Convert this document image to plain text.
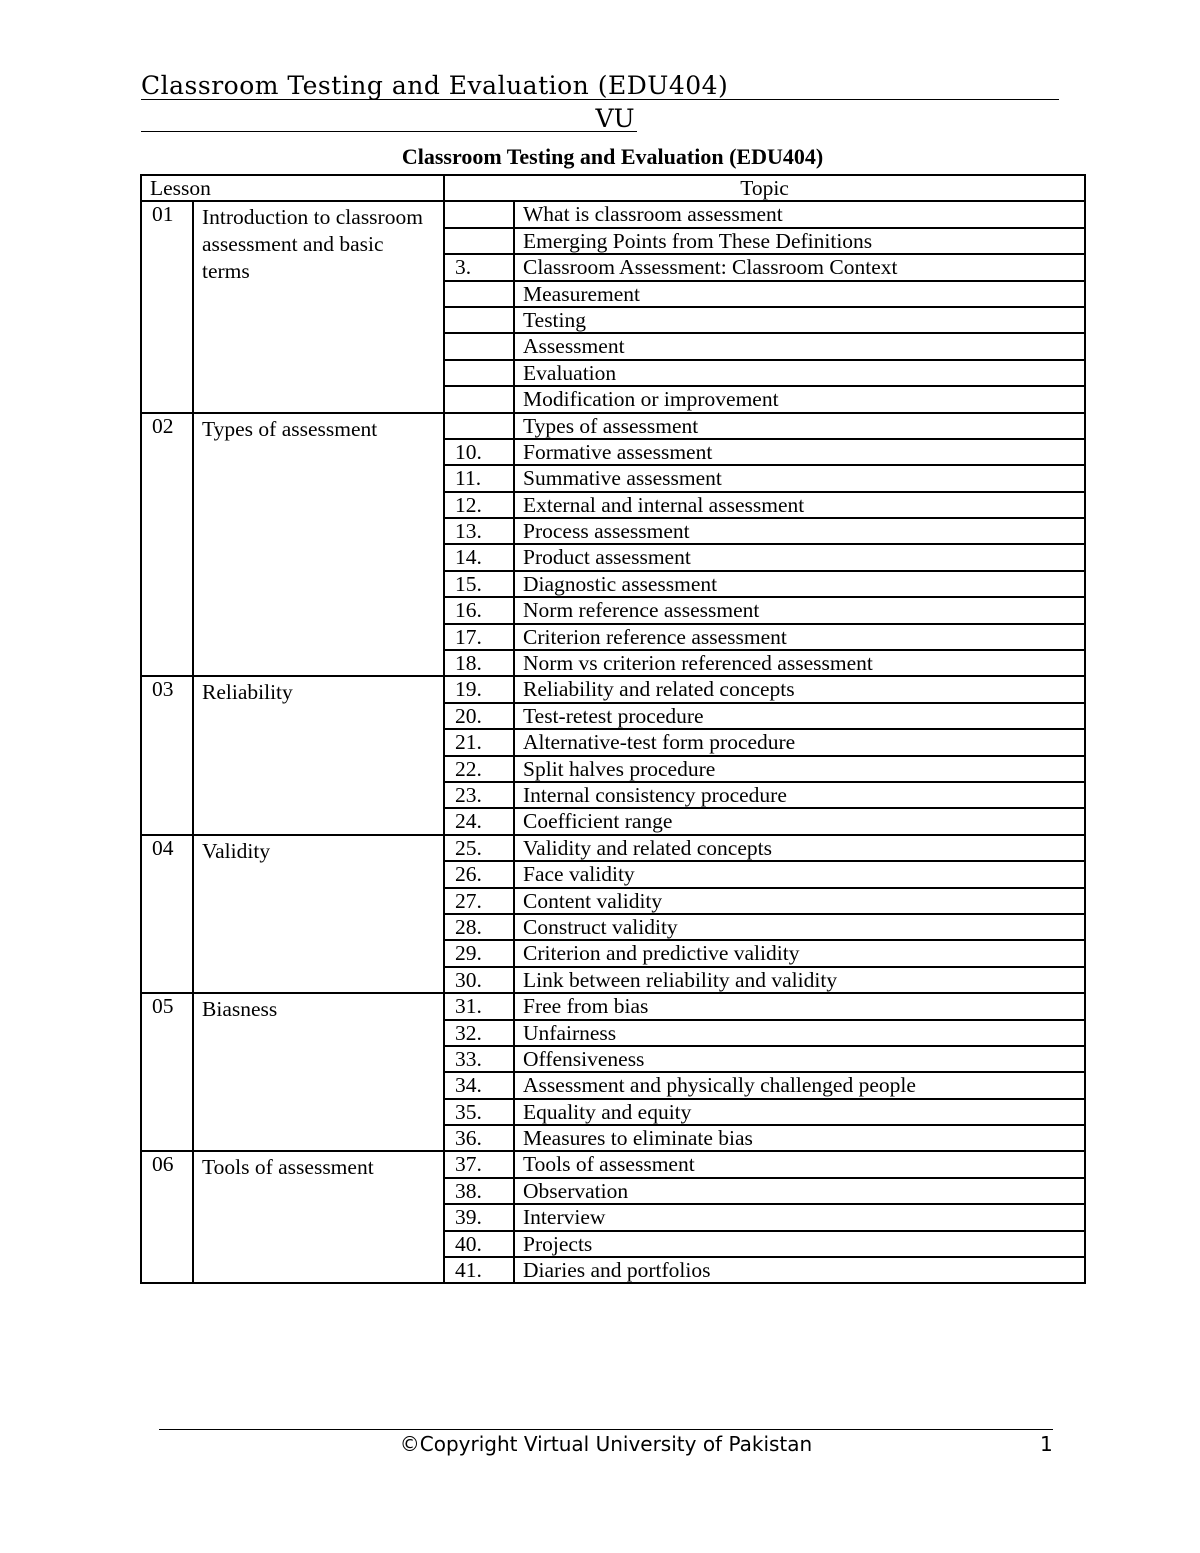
Classroom Testing and Evaluation (EDU404)
VU
Classroom Testing and Evaluation (EDU404)
Lesson		Topic	
01	Introduction to classroom assessment and basic terms		What is classroom assessment
			Emerging Points from These Definitions
		3.	Classroom Assessment: Classroom Context
			Measurement
			Testing
			Assessment
			Evaluation
			Modification or improvement
02	Types of assessment		Types of assessment
		10.	Formative assessment
		11.	Summative assessment
		12.	External and internal assessment
		13.	Process assessment
		14.	Product assessment
		15.	Diagnostic assessment
		16.	Norm reference assessment
		17.	Criterion reference assessment
		18.	Norm vs criterion referenced assessment
03	Reliability	19.	Reliability and related concepts
		20.	Test-retest procedure
		21.	Alternative-test form procedure
		22.	Split halves procedure
		23.	Internal consistency procedure
		24.	Coefficient range
04	Validity	25.	Validity and related concepts
		26.	Face validity
		27.	Content validity
		28.	Construct validity
		29.	Criterion and predictive validity
		30.	Link between reliability and validity
05	Biasness	31.	Free from bias
		32.	Unfairness
		33.	Offensiveness
		34.	Assessment and physically challenged people
		35.	Equality and equity
		36.	Measures to eliminate bias
06	Tools of assessment	37.	Tools of assessment
		38.	Observation
		39.	Interview
		40.	Projects
		41.	Diaries and portfolios
©Copyright Virtual University of Pakistan	1
